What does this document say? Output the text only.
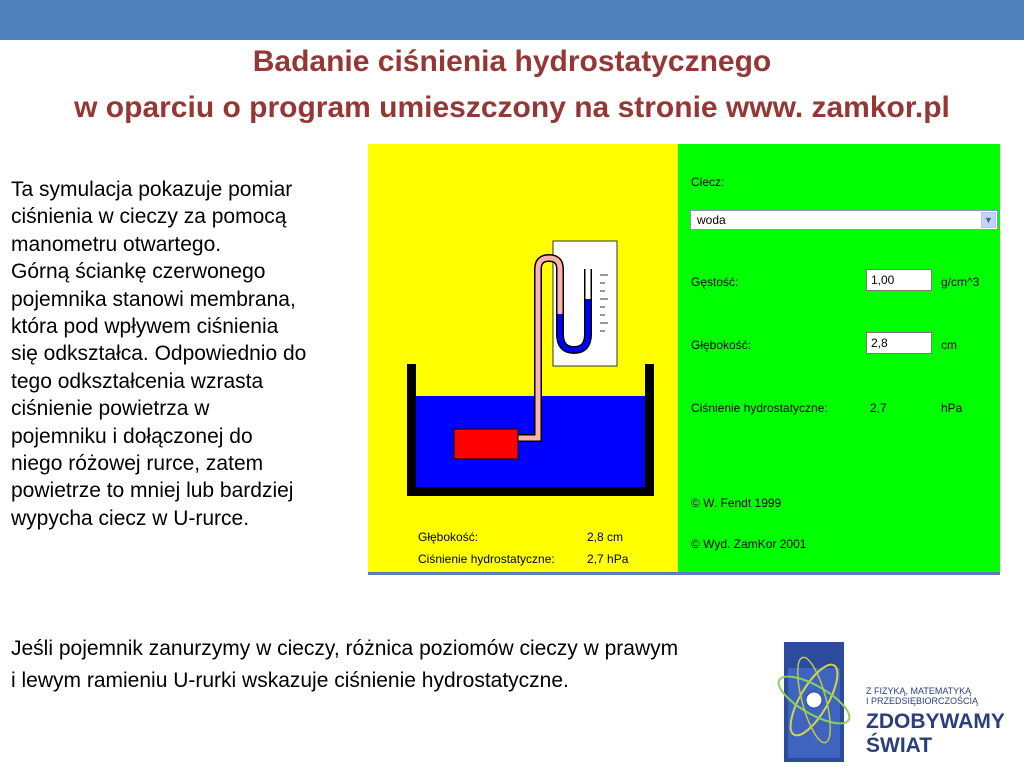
Badanie ciśnienia hydrostatycznego
w oparciu o program umieszczony na stronie www. zamkor.pl
Ta symulacja pokazuje pomiar
ciśnienia w cieczy za pomocą
manometru otwartego.
Górną ściankę czerwonego
pojemnika stanowi membrana,
która pod wpływem ciśnienia
się odkształca. Odpowiednio do
tego odkształcenia wzrasta
ciśnienie powietrza w
pojemniku i dołączonej do
niego różowej rurce, zatem
powietrze to mniej lub bardziej
wypycha ciecz w U-rurce.
Głębokość:	2,8 cm
Ciśnienie hydrostatyczne:	2,7 hPa
Ciecz:
woda	▼
Gęstość:	1,00	g/cm^3
Głębokość:	2,8	cm
Ciśnienie hydrostatyczne:	2,7	hPa
© W. Fendt 1999
© Wyd. ZamKor 2001
Jeśli pojemnik zanurzymy w cieczy, różnica poziomów cieczy w prawym
i lewym ramieniu U-rurki wskazuje ciśnienie hydrostatyczne.	Z FIZYKĄ, MATEMATYKĄ
I PRZEDSIĘBIORCZOŚCIĄ
ZDOBYWAMY
ŚWIAT
